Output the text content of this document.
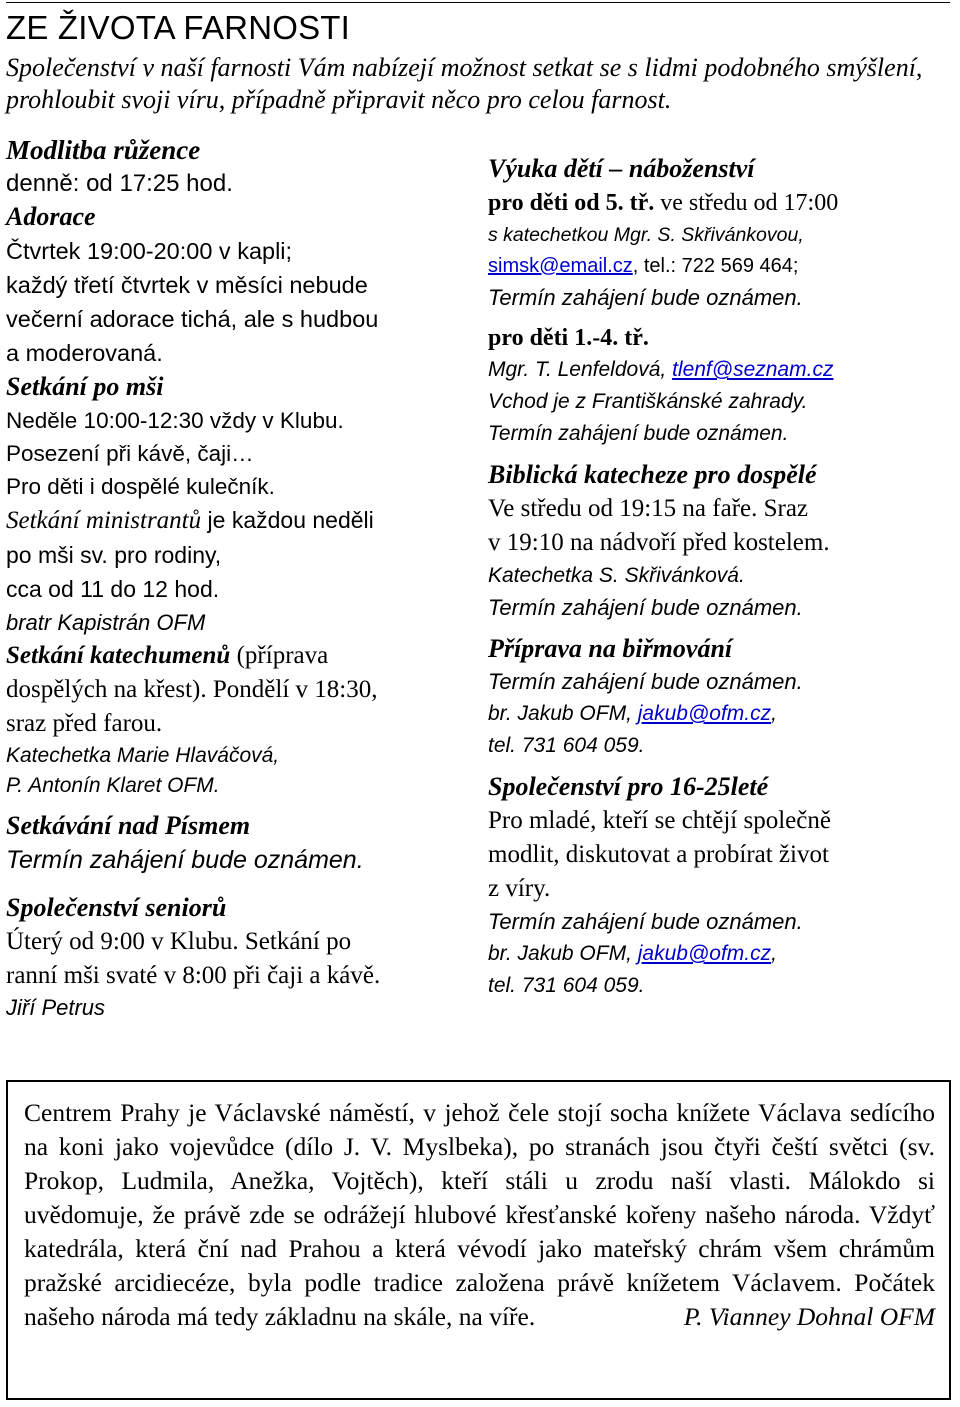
ZE ŽIVOTA FARNOSTI
Společenství v naší farnosti Vám nabízejí možnost setkat se s lidmi podobného smýšlení, prohloubit svoji víru, případně připravit něco pro celou farnost.
Modlitba růžence
denně: od 17:25 hod.
Adorace
Čtvrtek 19:00-20:00 v kapli;
každý třetí čtvrtek v měsíci nebude
večerní adorace tichá, ale s hudbou
a moderovaná.
Setkání po mši
Neděle 10:00-12:30 vždy v Klubu.
Posezení při kávě, čaji…
Pro děti i dospělé kulečník.
Setkání ministrantů je každou neděli
po mši sv. pro rodiny,
cca od 11 do 12 hod.
bratr Kapistrán OFM
Setkání katechumenů (příprava
dospělých na křest). Pondělí v 18:30,
sraz před farou.
Katechetka Marie Hlaváčová,
P. Antonín Klaret OFM.
Setkávání nad Písmem
Termín zahájení bude oznámen.
Společenství seniorů
Úterý od 9:00 v Klubu. Setkání po
ranní mši svaté v 8:00 při čaji a kávě.
Jiří Petrus
Výuka dětí – náboženství
pro děti od 5. tř. ve středu od 17:00
s katechetkou Mgr. S. Skřivánkovou,
simsk@email.cz, tel.: 722 569 464;
Termín zahájení bude oznámen.
pro děti 1.-4. tř.
Mgr. T. Lenfeldová, tlenf@seznam.cz
Vchod je z Františkánské zahrady.
Termín zahájení bude oznámen.
Biblická katecheze pro dospělé
Ve středu od 19:15 na faře. Sraz
v 19:10 na nádvoří před kostelem.
Katechetka S. Skřivánková.
Termín zahájení bude oznámen.
Příprava na biřmování
Termín zahájení bude oznámen.
br. Jakub OFM, jakub@ofm.cz,
tel. 731 604 059.
Společenství pro 16-25leté
Pro mladé, kteří se chtějí společně
modlit, diskutovat a probírat život
z víry.
Termín zahájení bude oznámen.
br. Jakub OFM, jakub@ofm.cz,
tel. 731 604 059.
Centrem Prahy je Václavské náměstí, v jehož čele stojí socha knížete Václava sedícího na koni jako vojevůdce (dílo J. V. Myslbeka), po stranách jsou čtyři čeští světci (sv. Prokop, Ludmila, Anežka, Vojtěch), kteří stáli u zrodu naší vlasti. Málokdo si uvědomuje, že právě zde se odrážejí hlubové křesťanské kořeny našeho národa. Vždyť katedrála, která ční nad Prahou a která vévodí jako mateřský chrám všem chrámům pražské arcidiecéze, byla podle tradice založena právě knížetem Václavem. Počátek našeho národa má tedy základnu na skále, na víře.	P. Vianney Dohnal OFM
